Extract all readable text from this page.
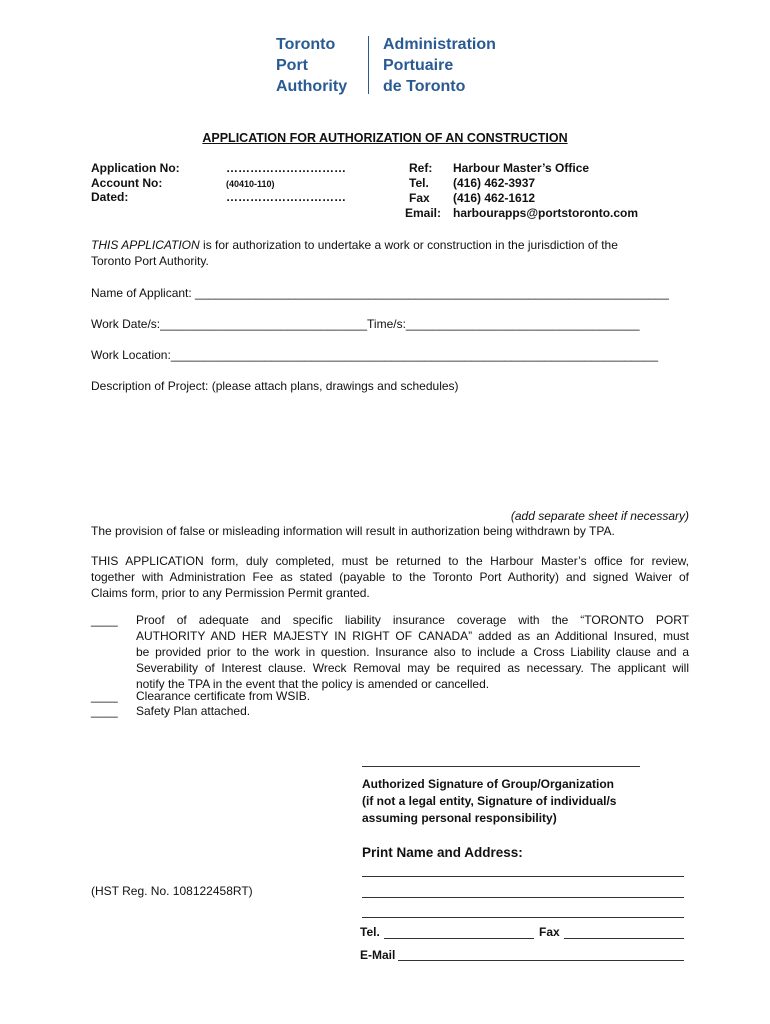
Toronto
Port
Authority
Administration
Portuaire
de Toronto
APPLICATION FOR AUTHORIZATION OF AN CONSTRUCTION
Application No:	…………………………
Account No:	(40410-110)
Dated:	…………………………
Ref: Harbour Master’s Office
Tel. (416) 462-3937
Fax (416) 462-1612
Email: harbourapps@portstoronto.com
THIS APPLICATION is for authorization to undertake a work or construction in the jurisdiction of the
Toronto Port Authority.
Name of Applicant: _______________________________________________________________________
Work Date/s:_______________________________Time/s:___________________________________
Work Location:_________________________________________________________________________
Description of Project: (please attach plans, drawings and schedules)
(add separate sheet if necessary)
The provision of false or misleading information will result in authorization being withdrawn by TPA.
THIS APPLICATION form, duly completed, must be returned to the Harbour Master’s office for review,
together with Administration Fee as stated (payable to the Toronto Port Authority) and signed Waiver of
Claims form, prior to any Permission Permit granted.
____ Proof of adequate and specific liability insurance coverage with the “TORONTO PORT
AUTHORITY AND HER MAJESTY IN RIGHT OF CANADA” added as an Additional Insured, must
be provided prior to the work in question. Insurance also to include a Cross Liability clause and a
Severability of Interest clause. Wreck Removal may be required as necessary. The applicant will
notify the TPA in the event that the policy is amended or cancelled.
____ Clearance certificate from WSIB.
____ Safety Plan attached.
Authorized Signature of Group/Organization
(if not a legal entity, Signature of individual/s
assuming personal responsibility)
Print Name and Address:
(HST Reg. No. 108122458RT)
Tel.	Fax
E-Mail
